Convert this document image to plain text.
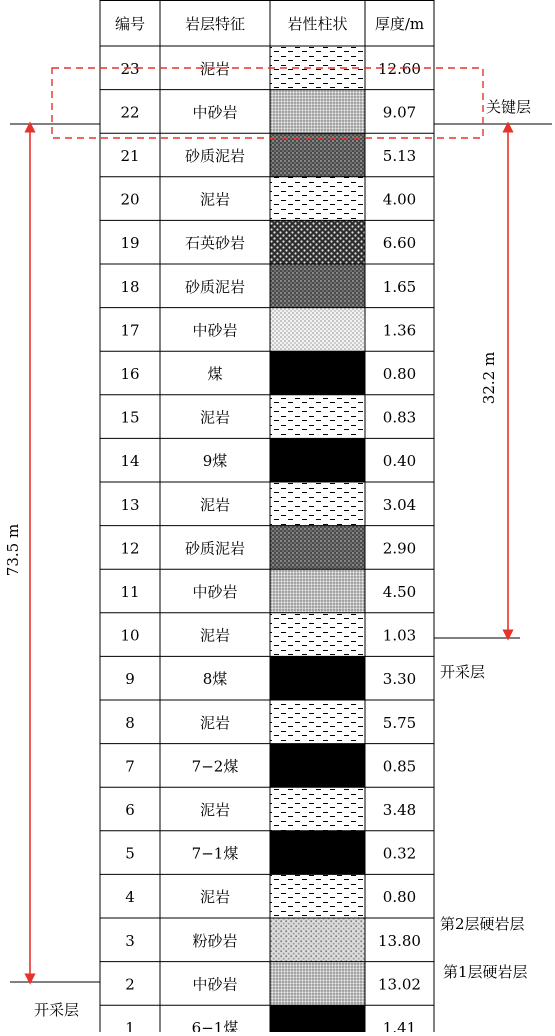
编号	岩层特征	岩性柱状 厚度/m
23	泥岩	12.60
22	中砂岩	9.07
21	砂质泥岩	5.13
20	泥岩	4.00
19	石英砂岩	6.60
18	砂质泥岩	1.65
17	中砂岩	1.36
16	煤	0.80
15	泥岩	0.83
14	9煤	0.40
13	泥岩	3.04
12	砂质泥岩	2.90
11	中砂岩	4.50
10	泥岩	1.03
9	8煤	3.30
8	泥岩	5.75
7	7−2煤	0.85
6	泥岩	3.48
5	7−1煤	0.32
4	泥岩	0.80
3	粉砂岩	13.80
2	中砂岩	13.02
1	6−1煤	1.41
关键层
开采层
第2层硬岩层
第1层硬岩层
开采层
73.5 m
32.2 m
